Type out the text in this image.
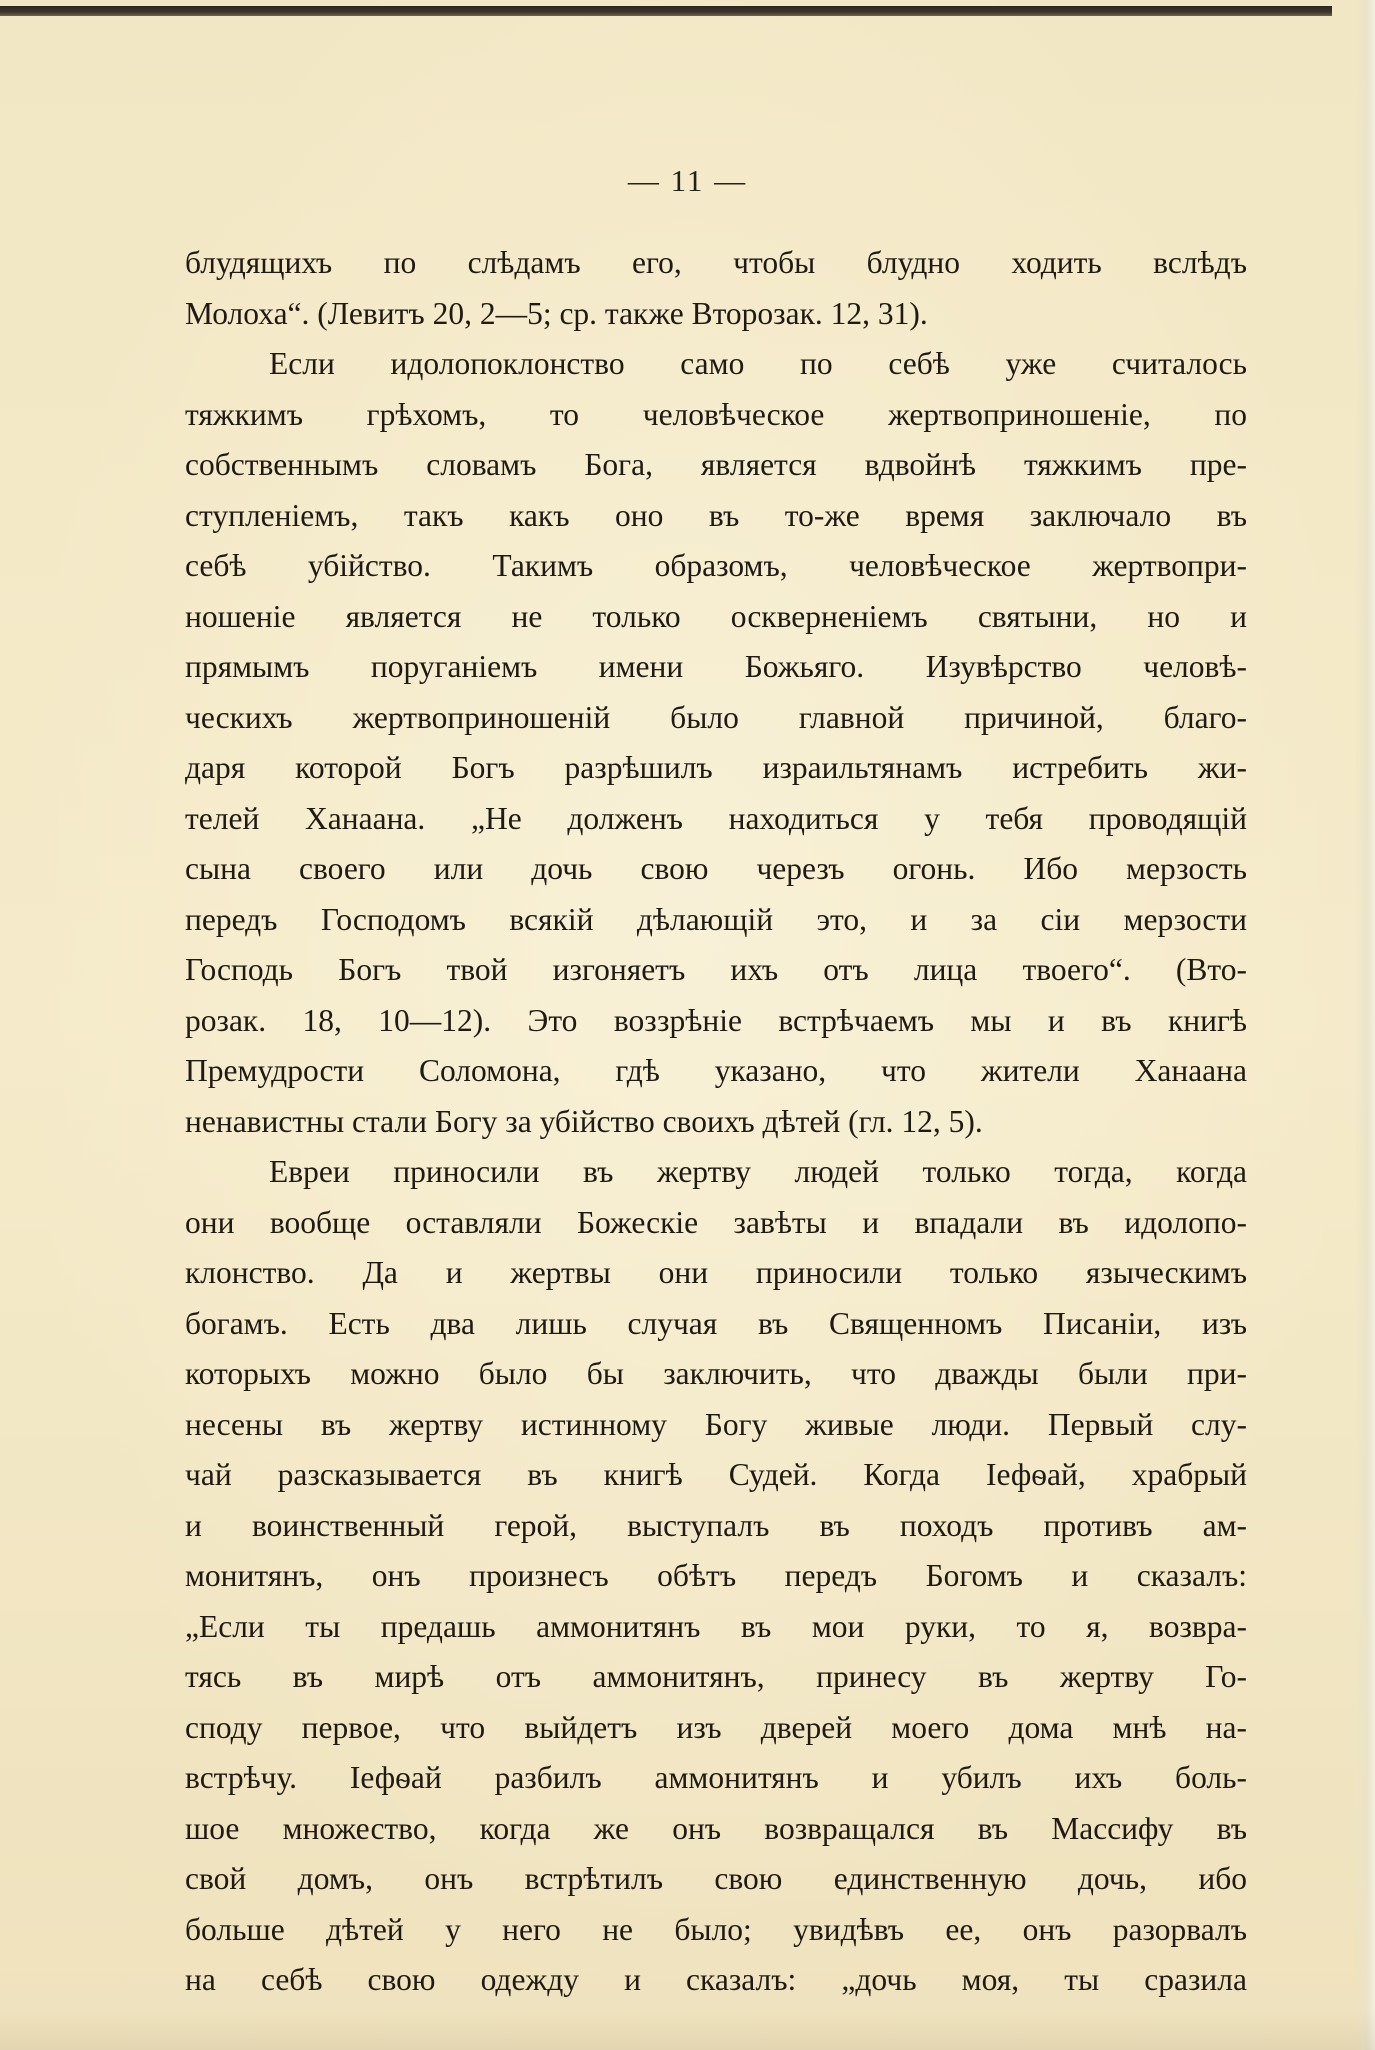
— 11 —
блудящихъ по слѣдамъ его, чтобы блудно ходить вслѣдъ
Молоха“. (Левитъ 20, 2—5; ср. также Второзак. 12, 31).
Если идолопоклонство само по себѣ уже считалось
тяжкимъ грѣхомъ, то человѣческое жертвоприношеніе, по
собственнымъ словамъ Бога, является вдвойнѣ тяжкимъ пре-
ступленіемъ, такъ какъ оно въ то-же время заключало въ
себѣ убійство. Такимъ образомъ, человѣческое жертвопри-
ношеніе является не только оскверненіемъ святыни, но и
прямымъ поруганіемъ имени Божьяго. Изувѣрство человѣ-
ческихъ жертвоприношеній было главной причиной, благо-
даря которой Богъ разрѣшилъ израильтянамъ истребить жи-
телей Ханаана. „Не долженъ находиться у тебя проводящій
сына своего или дочь свою черезъ огонь. Ибо мерзость
передъ Господомъ всякій дѣлающій это, и за сіи мерзости
Господь Богъ твой изгоняетъ ихъ отъ лица твоего“. (Вто-
розак. 18, 10—12). Это воззрѣніе встрѣчаемъ мы и въ книгѣ
Премудрости Соломона, гдѣ указано, что жители Ханаана
ненавистны стали Богу за убійство своихъ дѣтей (гл. 12, 5).
Евреи приносили въ жертву людей только тогда, когда
они вообще оставляли Божескіе завѣты и впадали въ идолопо-
клонство. Да и жертвы они приносили только языческимъ
богамъ. Есть два лишь случая въ Священномъ Писаніи, изъ
которыхъ можно было бы заключить, что дважды были при-
несены въ жертву истинному Богу живые люди. Первый слу-
чай разсказывается въ книгѣ Судей. Когда Іефѳай, храбрый
и воинственный герой, выступалъ въ походъ противъ ам-
монитянъ, онъ произнесъ обѣтъ передъ Богомъ и сказалъ:
„Если ты предашь аммонитянъ въ мои руки, то я, возвра-
тясь въ мирѣ отъ аммонитянъ, принесу въ жертву Го-
споду первое, что выйдетъ изъ дверей моего дома мнѣ на-
встрѣчу. Іефѳай разбилъ аммонитянъ и убилъ ихъ боль-
шое множество, когда же онъ возвращался въ Массифу въ
свой домъ, онъ встрѣтилъ свою единственную дочь, ибо
больше дѣтей у него не было; увидѣвъ ее, онъ разорвалъ
на себѣ свою одежду и сказалъ: „дочь моя, ты сразила
